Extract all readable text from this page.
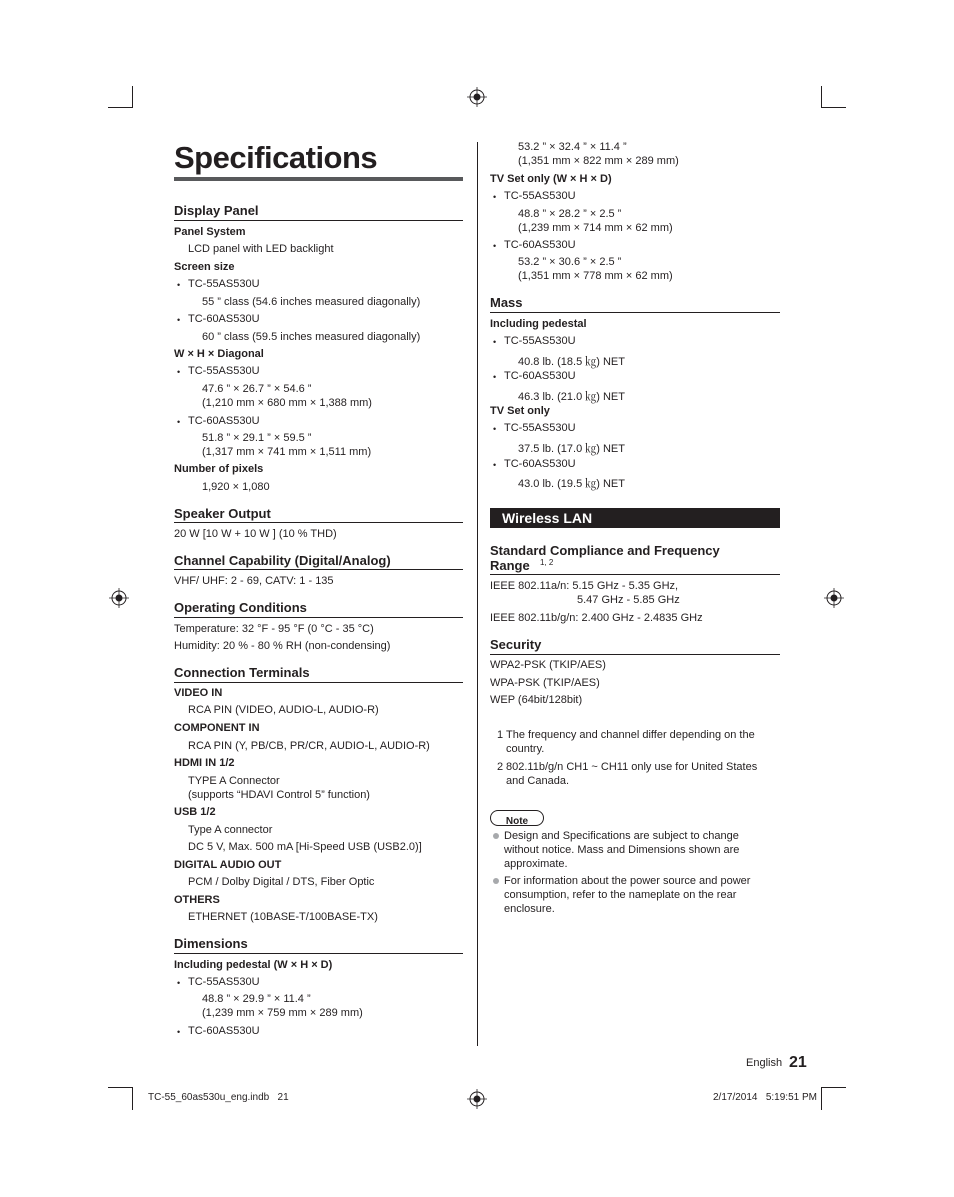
Specifications
Display Panel
Panel System
LCD panel with LED backlight
Screen size
• TC-55AS530U
55 ” class (54.6 inches measured diagonally)
• TC-60AS530U
60 ” class (59.5 inches measured diagonally)
W × H × Diagonal
• TC-55AS530U
47.6 ” × 26.7 ” × 54.6 ”
(1,210 mm × 680 mm × 1,388 mm)
• TC-60AS530U
51.8 ” × 29.1 ” × 59.5 ”
(1,317 mm × 741 mm × 1,511 mm)
Number of pixels
1,920 × 1,080
Speaker Output
20 W [10 W + 10 W ] (10 % THD)
Channel Capability (Digital/Analog)
VHF/ UHF: 2 - 69, CATV: 1 - 135
Operating Conditions
Temperature: 32 °F - 95 °F (0 °C - 35 °C)
Humidity: 20 % - 80 % RH (non-condensing)
Connection Terminals
VIDEO IN
RCA PIN (VIDEO, AUDIO-L, AUDIO-R)
COMPONENT IN
RCA PIN (Y, PB/CB, PR/CR, AUDIO-L, AUDIO-R)
HDMI IN 1/2
TYPE A Connector
(supports “HDAVI Control 5” function)
USB 1/2
Type A connector
DC 5 V, Max. 500 mA [Hi-Speed USB (USB2.0)]
DIGITAL AUDIO OUT
PCM / Dolby Digital / DTS, Fiber Optic
OTHERS
ETHERNET (10BASE-T/100BASE-TX)
Dimensions
Including pedestal (W × H × D)
• TC-55AS530U
48.8 ” × 29.9 ” × 11.4 ”
(1,239 mm × 759 mm × 289 mm)
• TC-60AS530U
53.2 ” × 32.4 ” × 11.4 ”
(1,351 mm × 822 mm × 289 mm)
TV Set only (W × H × D)
• TC-55AS530U
48.8 ” × 28.2 ” × 2.5 ”
(1,239 mm × 714 mm × 62 mm)
• TC-60AS530U
53.2 ” × 30.6 ” × 2.5 ”
(1,351 mm × 778 mm × 62 mm)
Mass
Including pedestal
• TC-55AS530U
40.8 lb. (18.5 ㎏) NET
• TC-60AS530U
46.3 lb. (21.0 ㎏) NET
TV Set only
• TC-55AS530U
37.5 lb. (17.0 ㎏) NET
• TC-60AS530U
43.0 lb. (19.5 ㎏) NET
Wireless LAN
Standard Compliance and Frequency
Range 1, 2
IEEE 802.11a/n: 5.15 GHz - 5.35 GHz,
5.47 GHz - 5.85 GHz
IEEE 802.11b/g/n: 2.400 GHz - 2.4835 GHz
Security
WPA2-PSK (TKIP/AES)
WPA-PSK (TKIP/AES)
WEP (64bit/128bit)
1 The frequency and channel differ depending on the
country.
2 802.11b/g/n CH1 ~ CH11 only use for United States
and Canada.
Note
Design and Specifications are subject to change
without notice. Mass and Dimensions shown are
approximate.
For information about the power source and power
consumption, refer to the nameplate on the rear
enclosure.
English 21
TC-55_60as530u_eng.indb   21	2/17/2014   5:19:51 PM
